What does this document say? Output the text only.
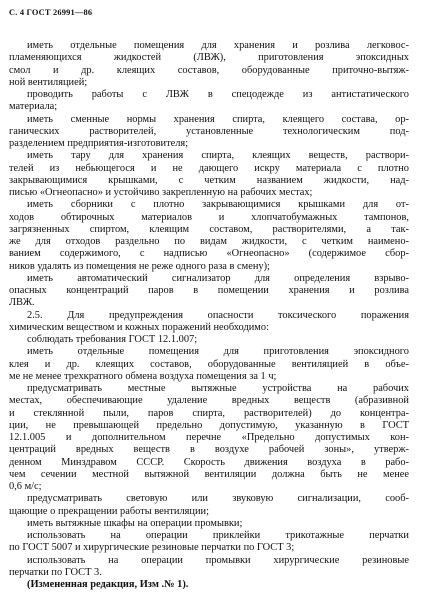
С. 4 ГОСТ 26991—86
иметь отдельные помещения для хранения и розлива легковос-
пламеняющихся жидкостей (ЛВЖ), приготовления эпоксидных
смол и др. клеящих составов, оборудованные приточно-вытяж-
ной вентиляцией;
проводить работы с ЛВЖ в спецодежде из антистатического
материала;
иметь сменные нормы хранения спирта, клеящего состава, ор-
ганических растворителей, установленные технологическим под-
разделением предприятия-изготовителя;
иметь тару для хранения спирта, клеящих веществ, раствори-
телей из небьющегося и не дающего искру материала с плотно
закрывающимися крышками, с четким названием жидкости, над-
писью «Огнеопасно» и устойчиво закрепленную на рабочих местах;
иметь сборники с плотно закрывающимися крышками для от-
ходов обтирочных материалов и хлопчатобумажных тампонов,
загрязненных спиртом, клеящим составом, растворителями, а так-
же для отходов раздельно по видам жидкости, с четким наимено-
ванием содержимого, с надписью «Огнеопасно» (содержимое сбор-
ников удалять из помещения не реже одного раза в смену);
иметь автоматический сигнализатор для определения взрыво-
опасных концентраций паров в помещении хранения и розлива
ЛВЖ.
2.5. Для предупреждения опасности токсического поражения
химическим веществом и кожных поражений необходимо:
соблюдать требования ГОСТ 12.1.007;
иметь отдельные помещения для приготовления эпоксидного
клея и др. клеящих составов, оборудованные вентиляцией в объе-
ме не менее трехкратного обмена воздуха помещения за 1 ч;
предусматривать местные вытяжные устройства на рабочих
местах, обеспечивающие удаление вредных веществ (абразивной
и стеклянной пыли, паров спирта, растворителей) до концентра-
ции, не превышающей предельно допустимую, указанную в ГОСТ
12.1.005 и дополнительном перечне «Предельно допустимых кон-
центраций вредных веществ в воздухе рабочей зоны», утверж-
денном Минздравом СССР. Скорость движения воздуха в рабо-
чем сечении местной вытяжной вентиляции должна быть не менее
0,6 м/с;
предусматривать световую или звуковую сигнализации, сооб-
щающие о прекращении работы вентиляции;
иметь вытяжные шкафы на операции промывки;
использовать на операции приклейки трикотажные перчатки
по ГОСТ 5007 и хирургические резиновые перчатки по ГОСТ 3;
использовать на операции промывки хирургические резиновые
перчатки по ГОСТ 3.
(Измененная редакция, Изм .№ 1).
